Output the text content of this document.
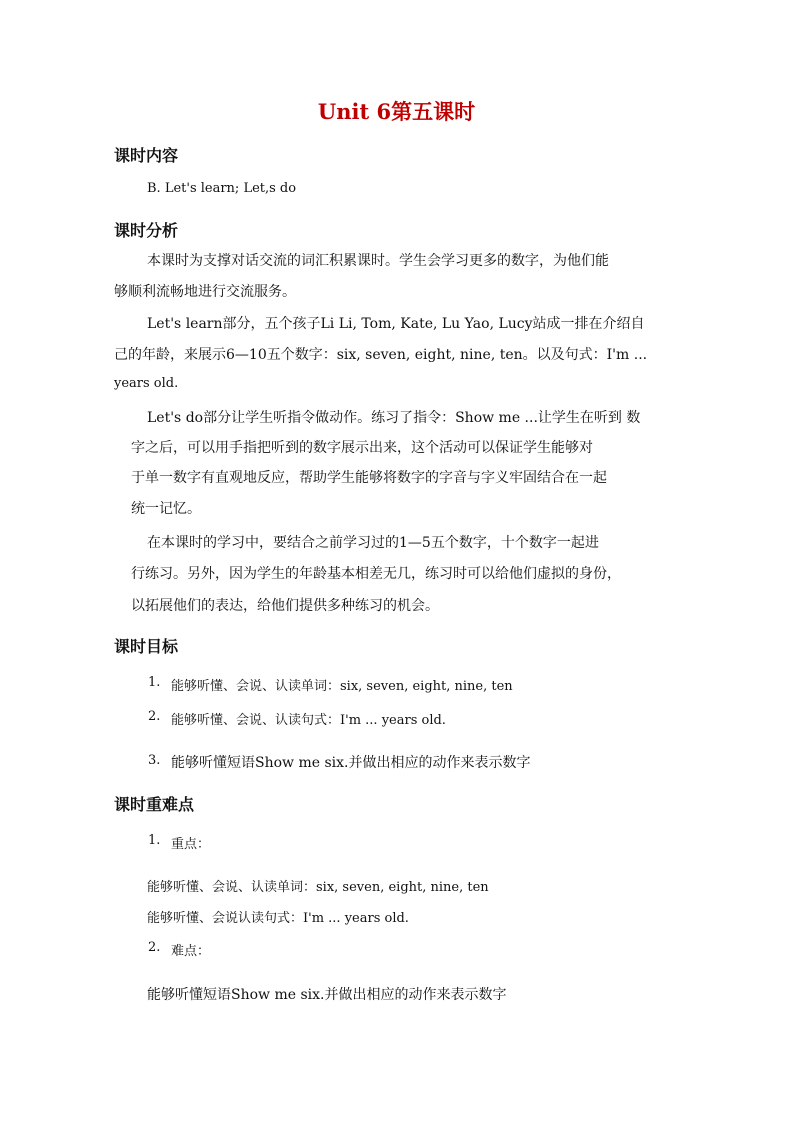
Unit 6第五课时
课时内容
B. Let's learn; Let,s do
课时分析
本课时为支撑对话交流的词汇积累课时。学生会学习更多的数字，为他们能
够顺利流畅地进行交流服务。
Let's learn部分，五个孩子Li Li, Tom, Kate, Lu Yao, Lucy站成一排在介绍自
己的年龄，来展示6—10五个数字：six, seven, eight, nine, ten。以及句式：I'm ...
years old.
Let's do部分让学生听指令做动作。练习了指令：Show me ...让学生在听到 数
字之后，可以用手指把听到的数字展示出来，这个活动可以保证学生能够对
于单一数字有直观地反应，帮助学生能够将数字的字音与字义牢固结合在一起
统一记忆。
在本课时的学习中，要结合之前学习过的1—5五个数字，十个数字一起进
行练习。另外，因为学生的年龄基本相差无几，练习时可以给他们虚拟的身份，
以拓展他们的表达，给他们提供多种练习的机会。
课时目标
1. 能够听懂、会说、认读单词：six, seven, eight, nine, ten
2. 能够听懂、会说、认读句式：I'm ... years old.
3. 能够听懂短语Show me six.并做出相应的动作来表示数字
课时重难点
1. 重点：
能够听懂、会说、认读单词：six, seven, eight, nine, ten
能够听懂、会说认读句式：I'm ... years old.
2. 难点：
能够听懂短语Show me six.并做出相应的动作来表示数字
